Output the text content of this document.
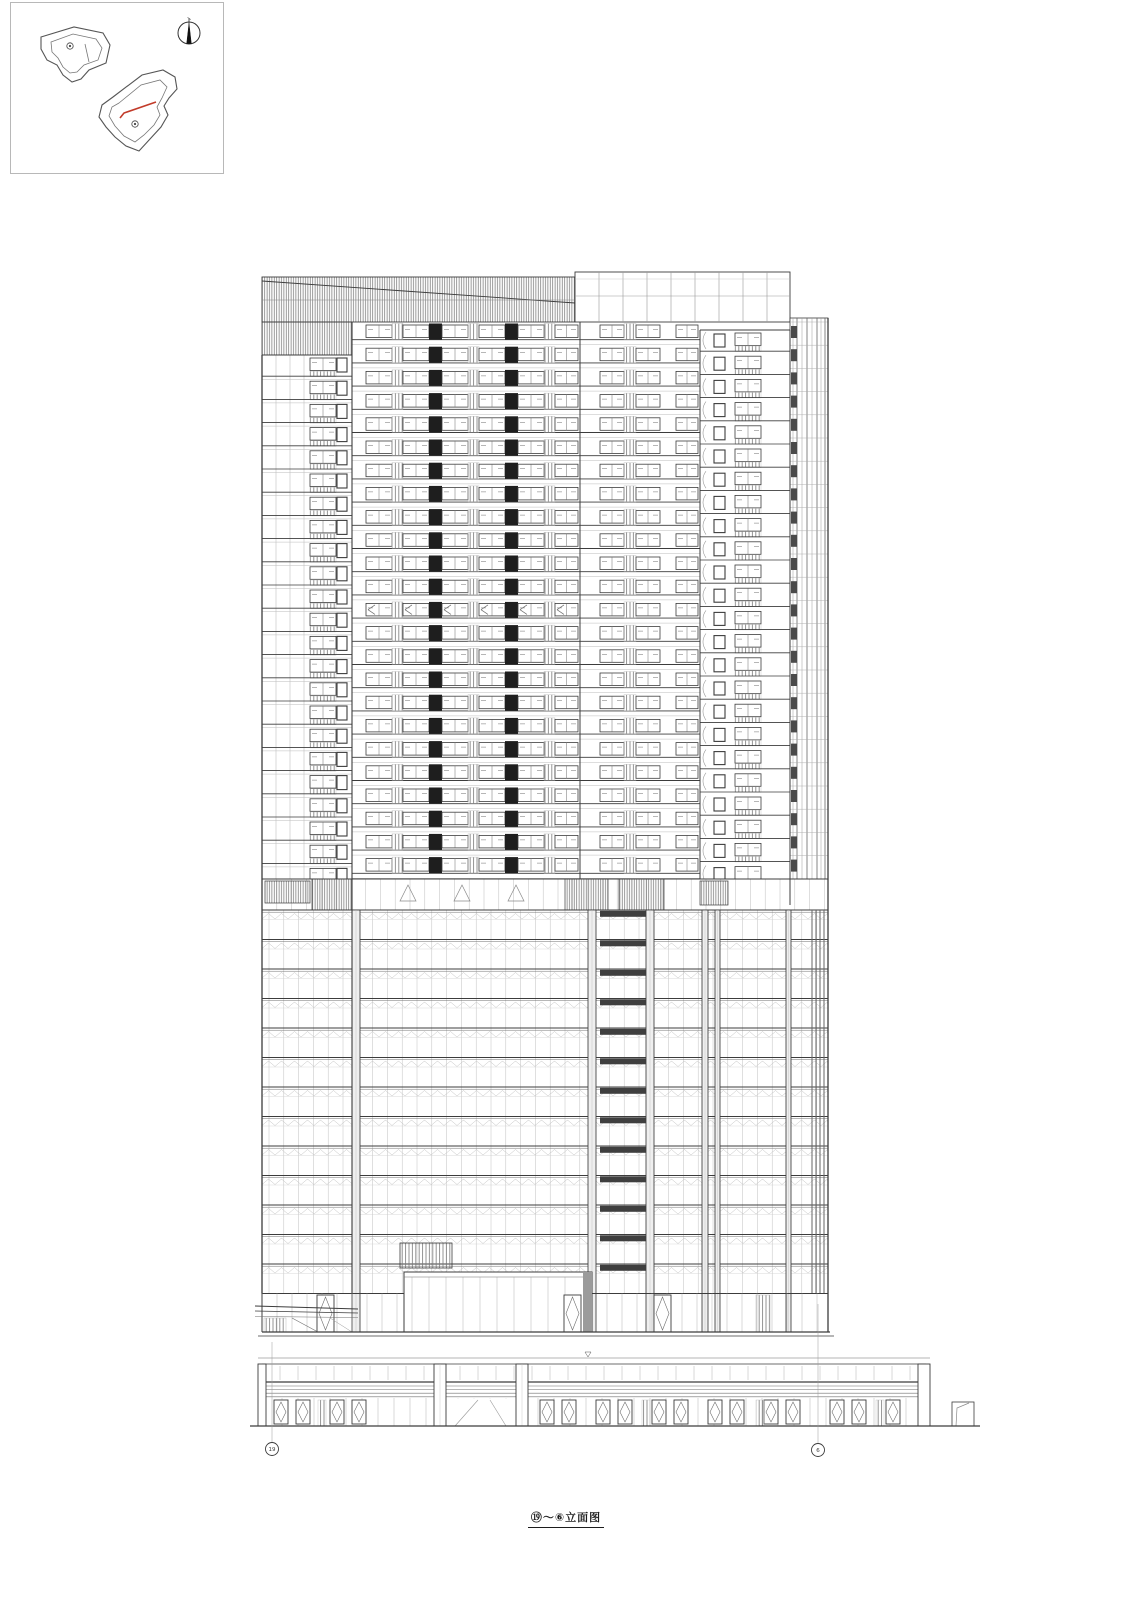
19	6
⑲～⑥立面图
